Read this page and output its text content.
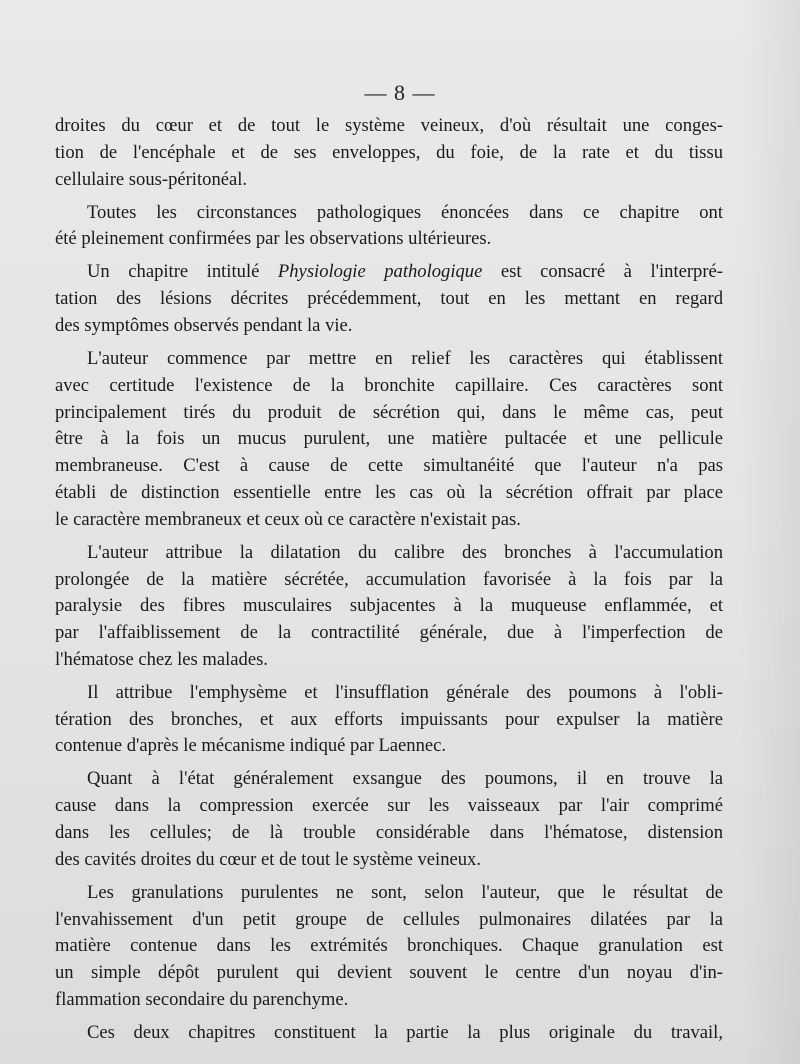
— 8 —
droites du cœur et de tout le système veineux, d'où résultait une conges-
tion de l'encéphale et de ses enveloppes, du foie, de la rate et du tissu
cellulaire sous-péritonéal.
Toutes les circonstances pathologiques énoncées dans ce chapitre ont
été pleinement confirmées par les observations ultérieures.
Un chapitre intitulé Physiologie pathologique est consacré à l'interpré-
tation des lésions décrites précédemment, tout en les mettant en regard
des symptômes observés pendant la vie.
L'auteur commence par mettre en relief les caractères qui établissent
avec certitude l'existence de la bronchite capillaire. Ces caractères sont
principalement tirés du produit de sécrétion qui, dans le même cas, peut
être à la fois un mucus purulent, une matière pultacée et une pellicule
membraneuse. C'est à cause de cette simultanéité que l'auteur n'a pas
établi de distinction essentielle entre les cas où la sécrétion offrait par place
le caractère membraneux et ceux où ce caractère n'existait pas.
L'auteur attribue la dilatation du calibre des bronches à l'accumulation
prolongée de la matière sécrétée, accumulation favorisée à la fois par la
paralysie des fibres musculaires subjacentes à la muqueuse enflammée, et
par l'affaiblissement de la contractilité générale, due à l'imperfection de
l'hématose chez les malades.
Il attribue l'emphysème et l'insufflation générale des poumons à l'obli-
tération des bronches, et aux efforts impuissants pour expulser la matière
contenue d'après le mécanisme indiqué par Laennec.
Quant à l'état généralement exsangue des poumons, il en trouve la
cause dans la compression exercée sur les vaisseaux par l'air comprimé
dans les cellules; de là trouble considérable dans l'hématose, distension
des cavités droites du cœur et de tout le système veineux.
Les granulations purulentes ne sont, selon l'auteur, que le résultat de
l'envahissement d'un petit groupe de cellules pulmonaires dilatées par la
matière contenue dans les extrémités bronchiques. Chaque granulation est
un simple dépôt purulent qui devient souvent le centre d'un noyau d'in-
flammation secondaire du parenchyme.
Ces deux chapitres constituent la partie la plus originale du travail,
